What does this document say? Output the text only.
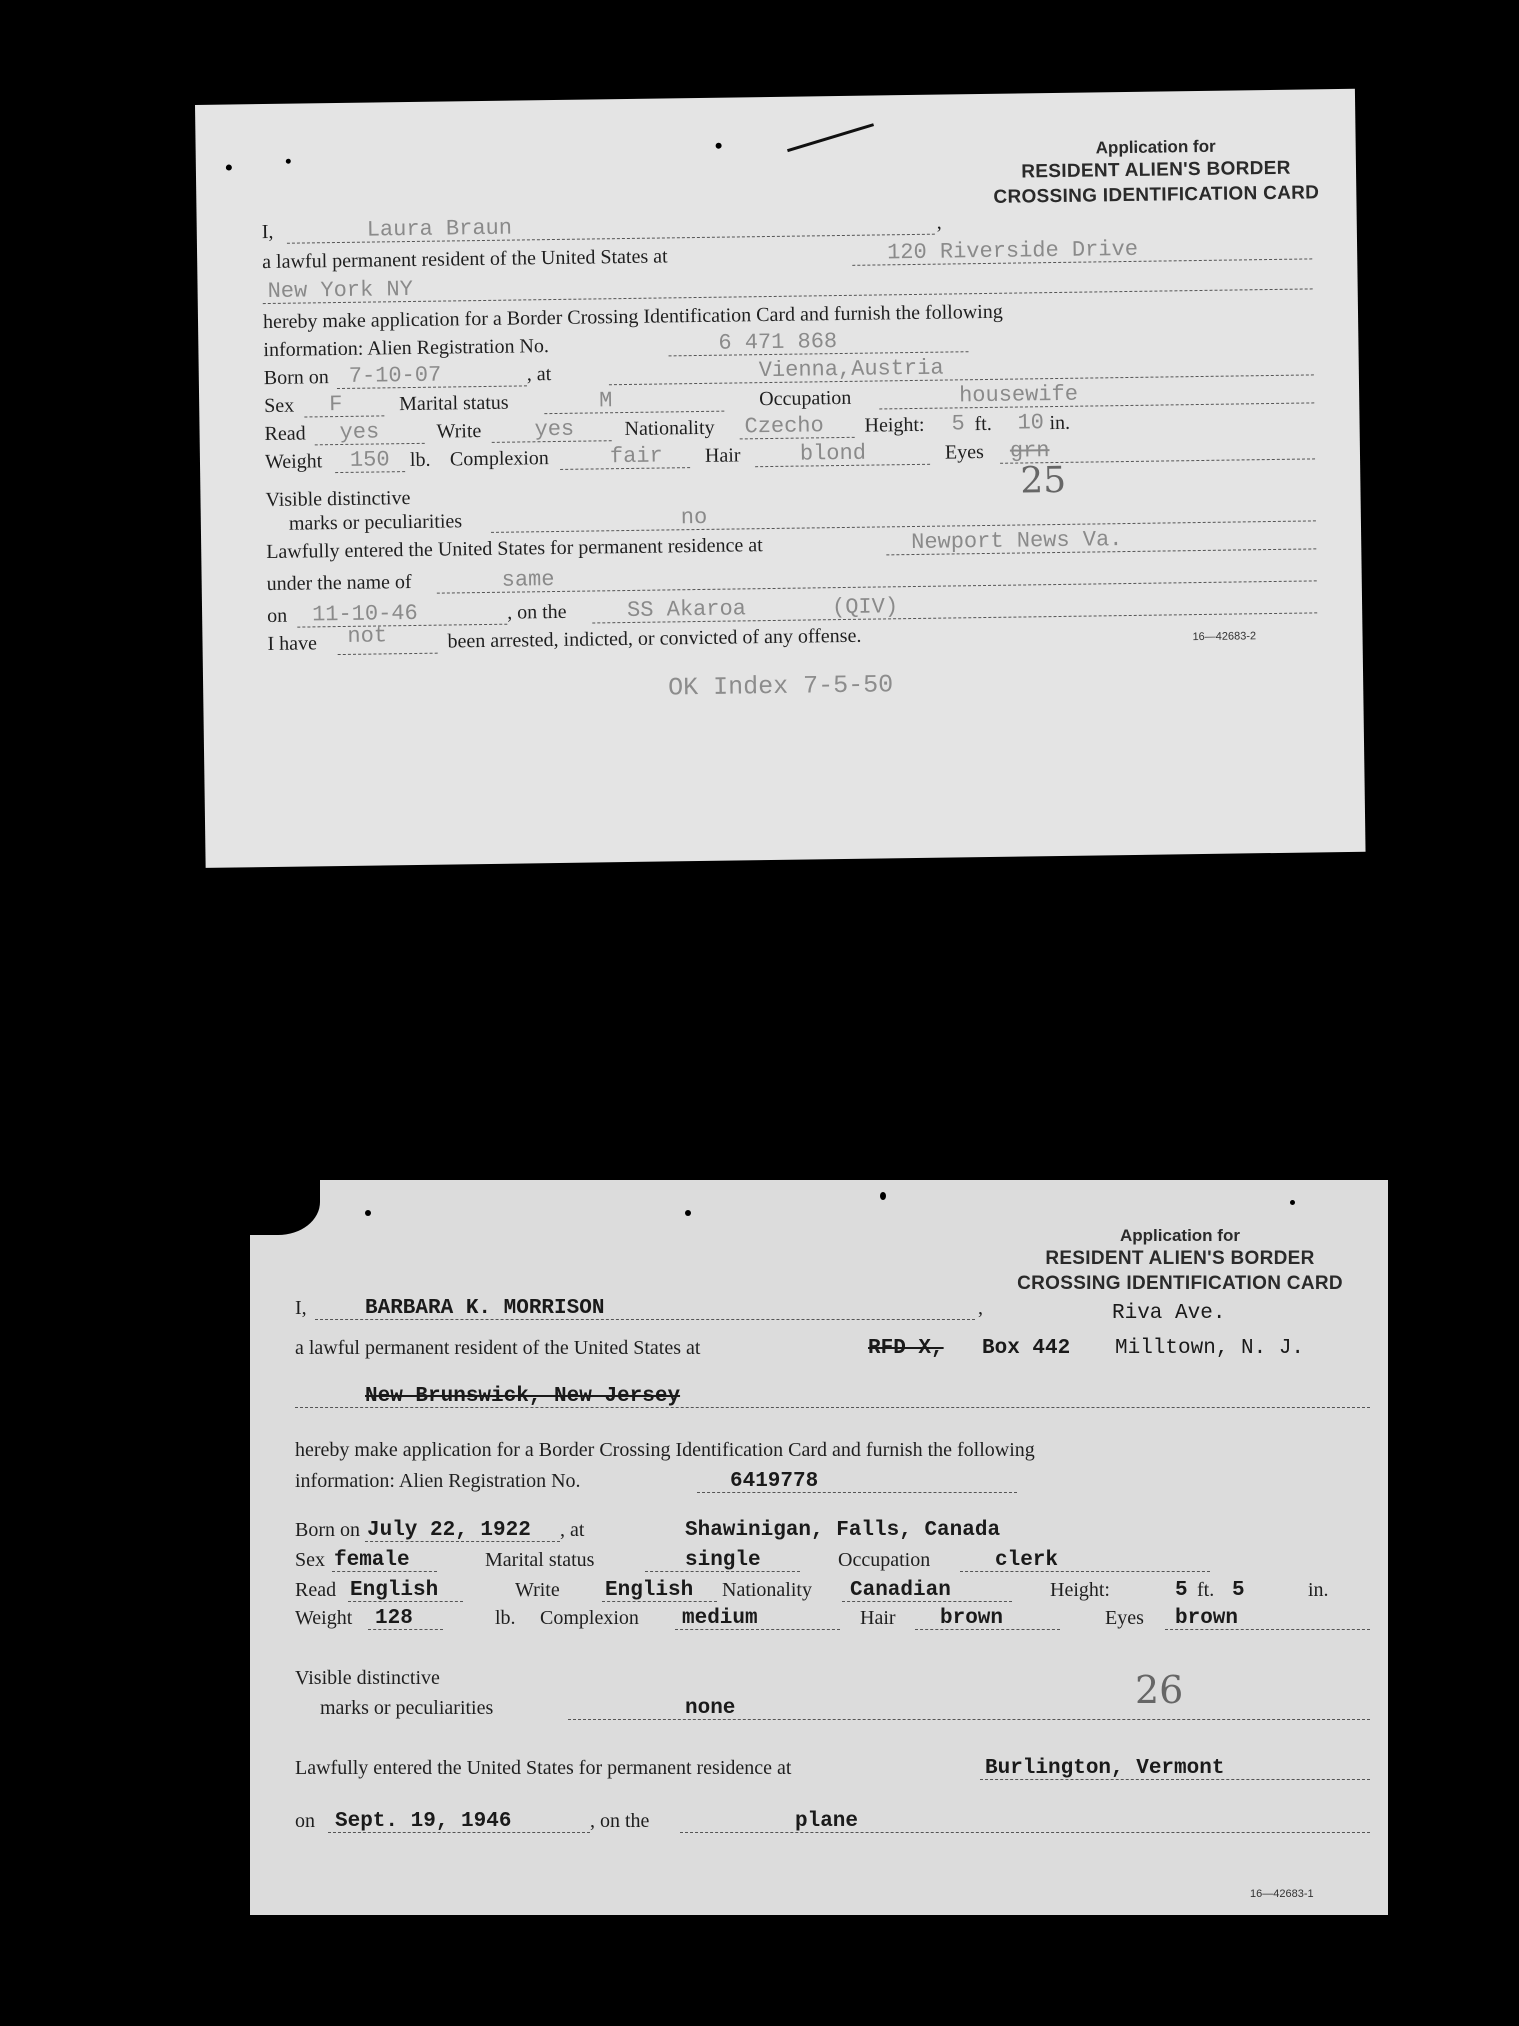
Application for
RESIDENT ALIEN'S BORDER
CROSSING IDENTIFICATION CARD
I,	Laura Braun	,
a lawful permanent resident of the United States at	120 Riverside Drive
New York NY
hereby make application for a Border Crossing Identification Card and furnish the following
information: Alien Registration No.	6 471 868
Born on 7-10-07	, at	Vienna,Austria
Sex F	Marital status	M	Occupation	housewife
Read yes	Write yes	Nationality Czecho Height: 5 ft. 10 in.
Weight 150 lb. Complexion	fair Hair	blond	Eyes grn
25
Visible distinctive
marks or peculiarities	no
Lawfully entered the United States for permanent residence at	Newport News Va.
under the name of	same
on 11-10-46	, on the	SS Akaroa	(QIV)
I have not	been arrested, indicted, or convicted of any offense.	16—42683-2
OK Index 7-5-50
Application for
RESIDENT ALIEN'S BORDER
CROSSING IDENTIFICATION CARD
I,	BARBARA K. MORRISON	,	Riva Ave.
a lawful permanent resident of the United States at	RFD X, Box 442 Milltown, N. J.
New Brunswick, New Jersey
hereby make application for a Border Crossing Identification Card and furnish the following
information: Alien Registration No.	6419778
Born on July 22, 1922 , at	Shawinigan, Falls, Canada
Sex female	Marital status	single	Occupation	clerk
Read English	Write English Nationality Canadian	Height:	5 ft. 5	in.
Weight 128	lb. Complexion medium	Hair brown	Eyes brown
Visible distinctive	26
marks or peculiarities	none
Lawfully entered the United States for permanent residence at	Burlington, Vermont
on Sept. 19, 1946	, on the	plane
16—42683-1
